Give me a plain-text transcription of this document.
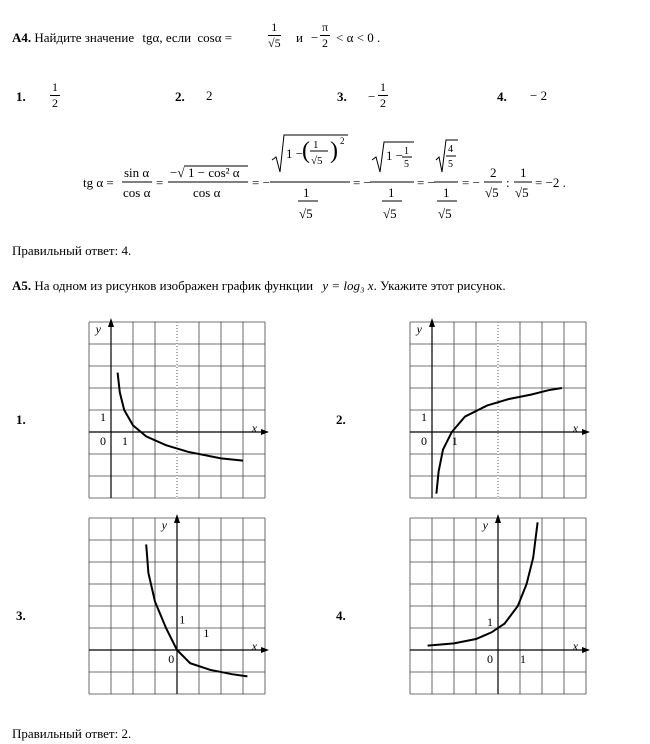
А4. Найдите значение tgα, если cosα =	$\frac{1}{√5}$ и −
π
2 < α < 0 .
1.
1
2	2. 2	3. −
1
2	4. − 2
tg α =
sin α
cos α
=
−√ 1 − cos² α
cos α
= −
1 −
( 1
√5 ) 2
1
√5
= −
1 − 1
5
1
√5
= −
4
5
1
√5
= −
2
√5
:
1
√5
= −2 .
Правильный ответ: 4.
А5. На одном из рисунков изображен график функции y = log₃ x. Укажите этот рисунок.
1.
y
x
1
1
0
2.
y
x
1
1
0
3.
y
x
1
1
0
4.
y
x
1
1
0
Правильный ответ: 2.
